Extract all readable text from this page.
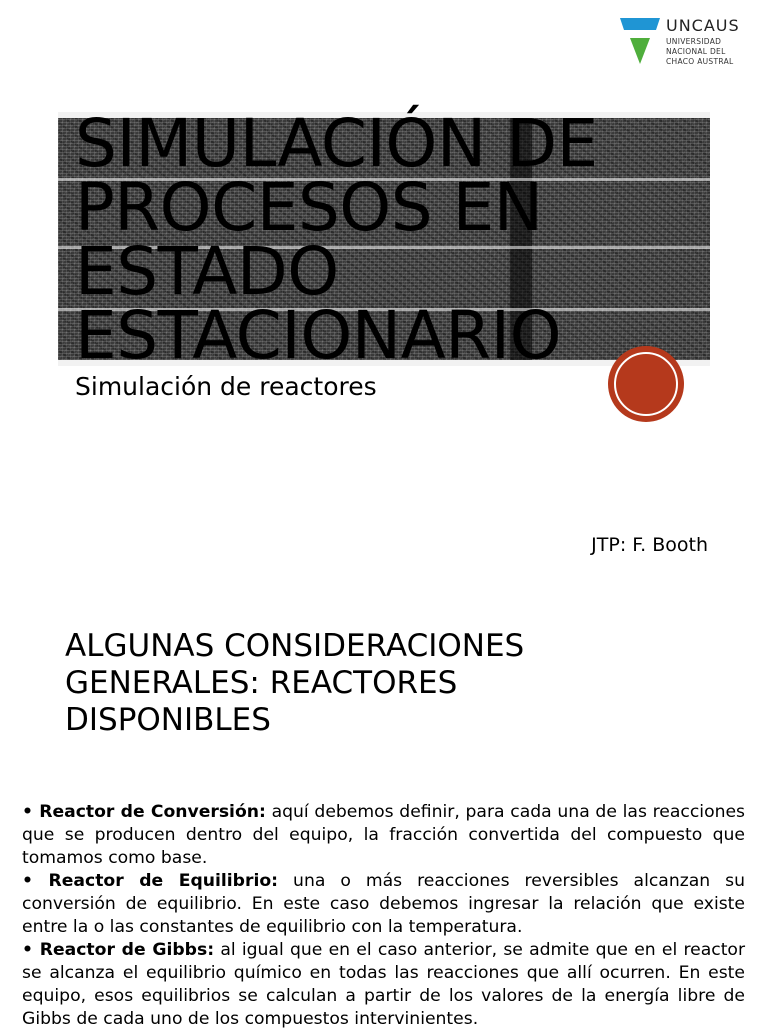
UNCAUS
UNIVERSIDAD
NACIONAL DEL
CHACO AUSTRAL
SIMULACIÓN DE
PROCESOS EN
ESTADO
ESTACIONARIO
Simulación de reactores
JTP: F. Booth
ALGUNAS CONSIDERACIONES
GENERALES: REACTORES
DISPONIBLES
• Reactor de Conversión: aquí debemos definir, para cada una de las reacciones que se producen dentro del equipo, la fracción convertida del compuesto que tomamos como base.
• Reactor de Equilibrio: una o más reacciones reversibles alcanzan su conversión de equilibrio. En este caso debemos ingresar la relación que existe entre la o las constantes de equilibrio con la temperatura.
• Reactor de Gibbs: al igual que en el caso anterior, se admite que en el reactor se alcanza el equilibrio químico en todas las reacciones que allí ocurren. En este equipo, esos equilibrios se calculan a partir de los valores de la energía libre de Gibbs de cada uno de los compuestos intervinientes.
